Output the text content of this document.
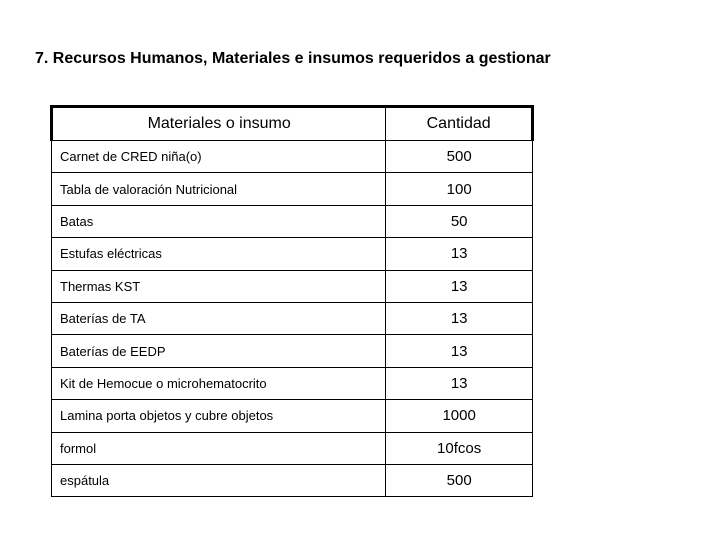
7. Recursos Humanos, Materiales e insumos requeridos a gestionar
Materiales o insumo	Cantidad
Carnet de CRED niña(o)	500
Tabla de valoración Nutricional	100
Batas	50
Estufas eléctricas	13
Thermas KST	13
Baterías de TA	13
Baterías de EEDP	13
Kit de Hemocue o microhematocrito	13
Lamina porta objetos y cubre objetos	1000
formol	10fcos
espátula	500
